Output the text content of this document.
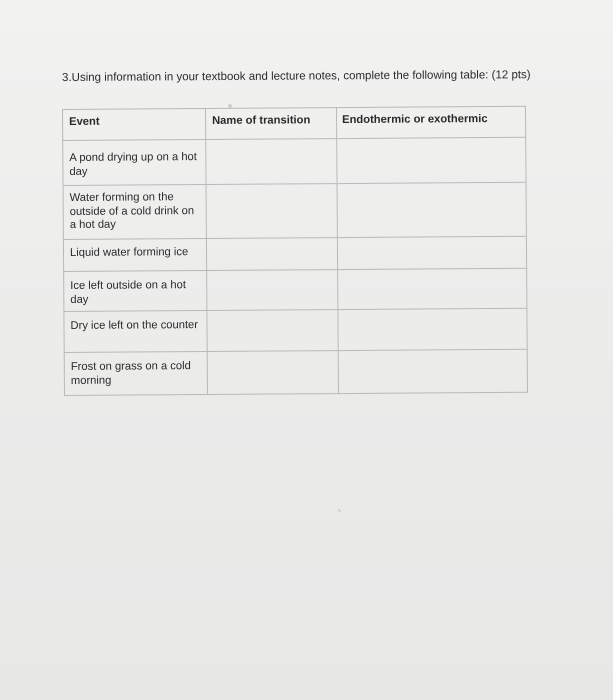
3.Using information in your textbook and lecture notes, complete the following table: (12 pts)
Event	Name of transition	Endothermic or exothermic
A pond drying up on a hot day		
Water forming on the outside of a cold drink on a hot day		
Liquid water forming ice		
Ice left outside on a hot day		
Dry ice left on the counter		
Frost on grass on a cold morning		
